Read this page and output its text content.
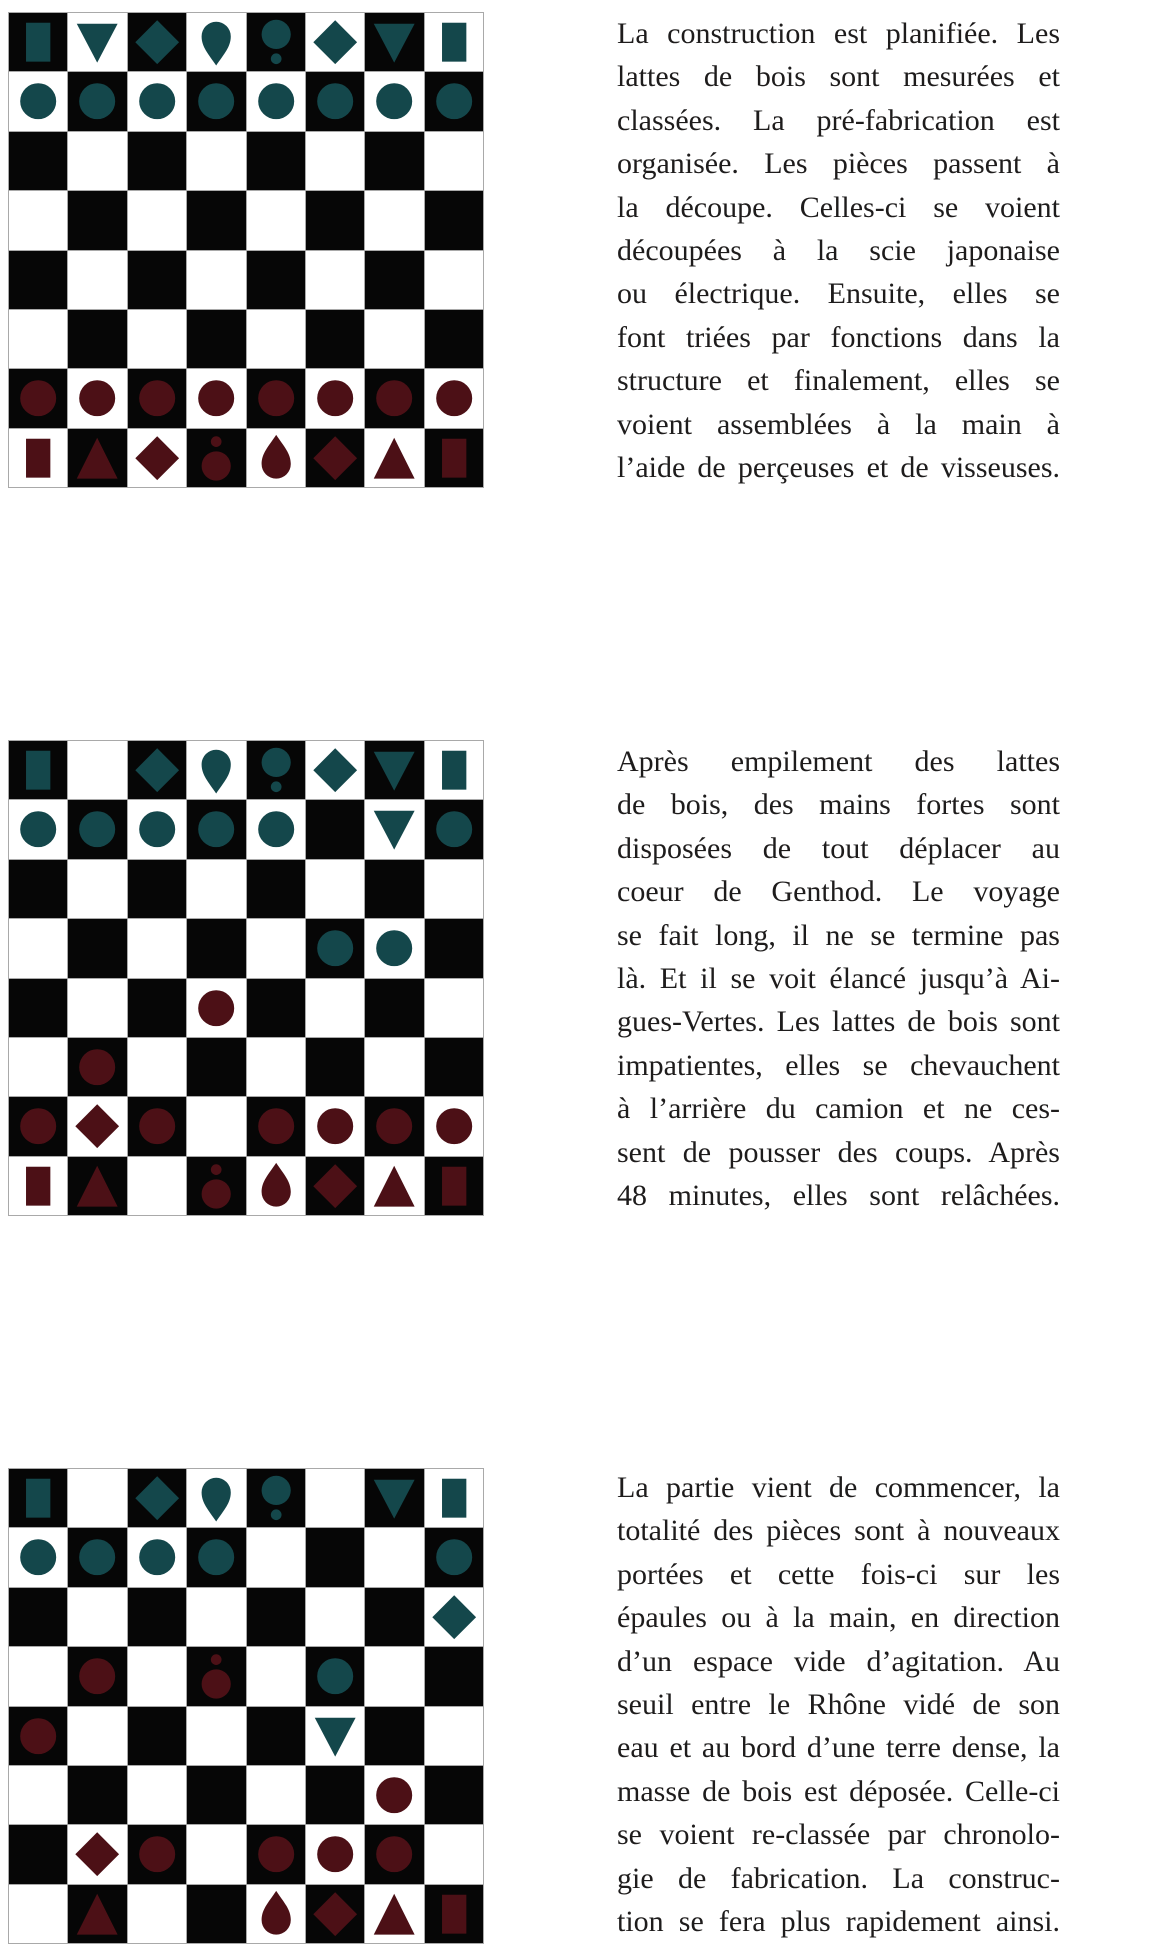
La construction est planifiée. Les
lattes de bois sont mesurées et
classées. La pré-fabrication est
organisée. Les pièces passent à
la découpe. Celles-ci se voient
découpées à la scie japonaise
ou électrique. Ensuite, elles se
font triées par fonctions dans la
structure et finalement, elles se
voient assemblées à la main à
l’aide de perçeuses et de visseuses.
Après empilement des lattes
de bois, des mains fortes sont
disposées de tout déplacer au
coeur de Genthod. Le voyage
se fait long, il ne se termine pas
là. Et il se voit élancé jusqu’à Ai-
gues-Vertes. Les lattes de bois sont
impatientes, elles se chevauchent
à l’arrière du camion et ne ces-
sent de pousser des coups. Après
48 minutes, elles sont relâchées.
La partie vient de commencer, la
totalité des pièces sont à nouveaux
portées et cette fois-ci sur les
épaules ou à la main, en direction
d’un espace vide d’agitation. Au
seuil entre le Rhône vidé de son
eau et au bord d’une terre dense, la
masse de bois est déposée. Celle-ci
se voient re-classée par chronolo-
gie de fabrication. La construc-
tion se fera plus rapidement ainsi.
